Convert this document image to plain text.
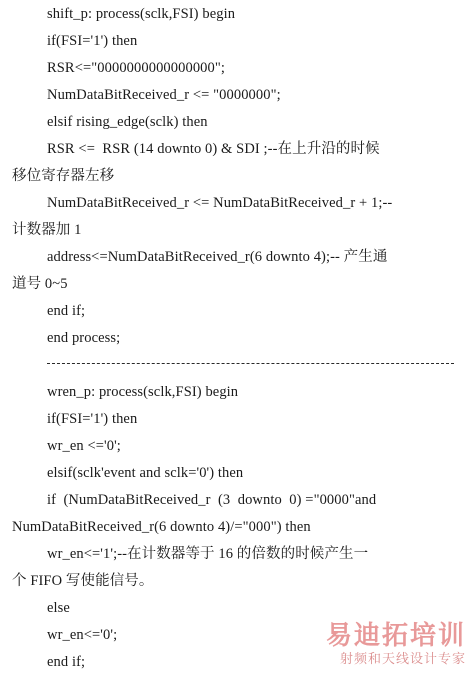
shift_p: process(sclk,FSI) begin
if(FSI='1') then
RSR<="0000000000000000";
NumDataBitReceived_r <= "0000000";
elsif rising_edge(sclk) then
RSR <=  RSR (14 downto 0) & SDI ;--在上升沿的时候
移位寄存器左移
NumDataBitReceived_r <= NumDataBitReceived_r + 1;--
计数器加 1
address<=NumDataBitReceived_r(6 downto 4);-- 产生通
道号 0~5
end if;
end process;
wren_p: process(sclk,FSI) begin
if(FSI='1') then
wr_en <='0';
elsif(sclk'event and sclk='0') then
if  (NumDataBitReceived_r  (3  downto  0) ="0000"and
NumDataBitReceived_r(6 downto 4)/="000") then
wr_en<='1';--在计数器等于 16 的倍数的时候产生一
个 FIFO 写使能信号。
else
wr_en<='0';
end if;
易迪拓培训
射频和天线设计专家
